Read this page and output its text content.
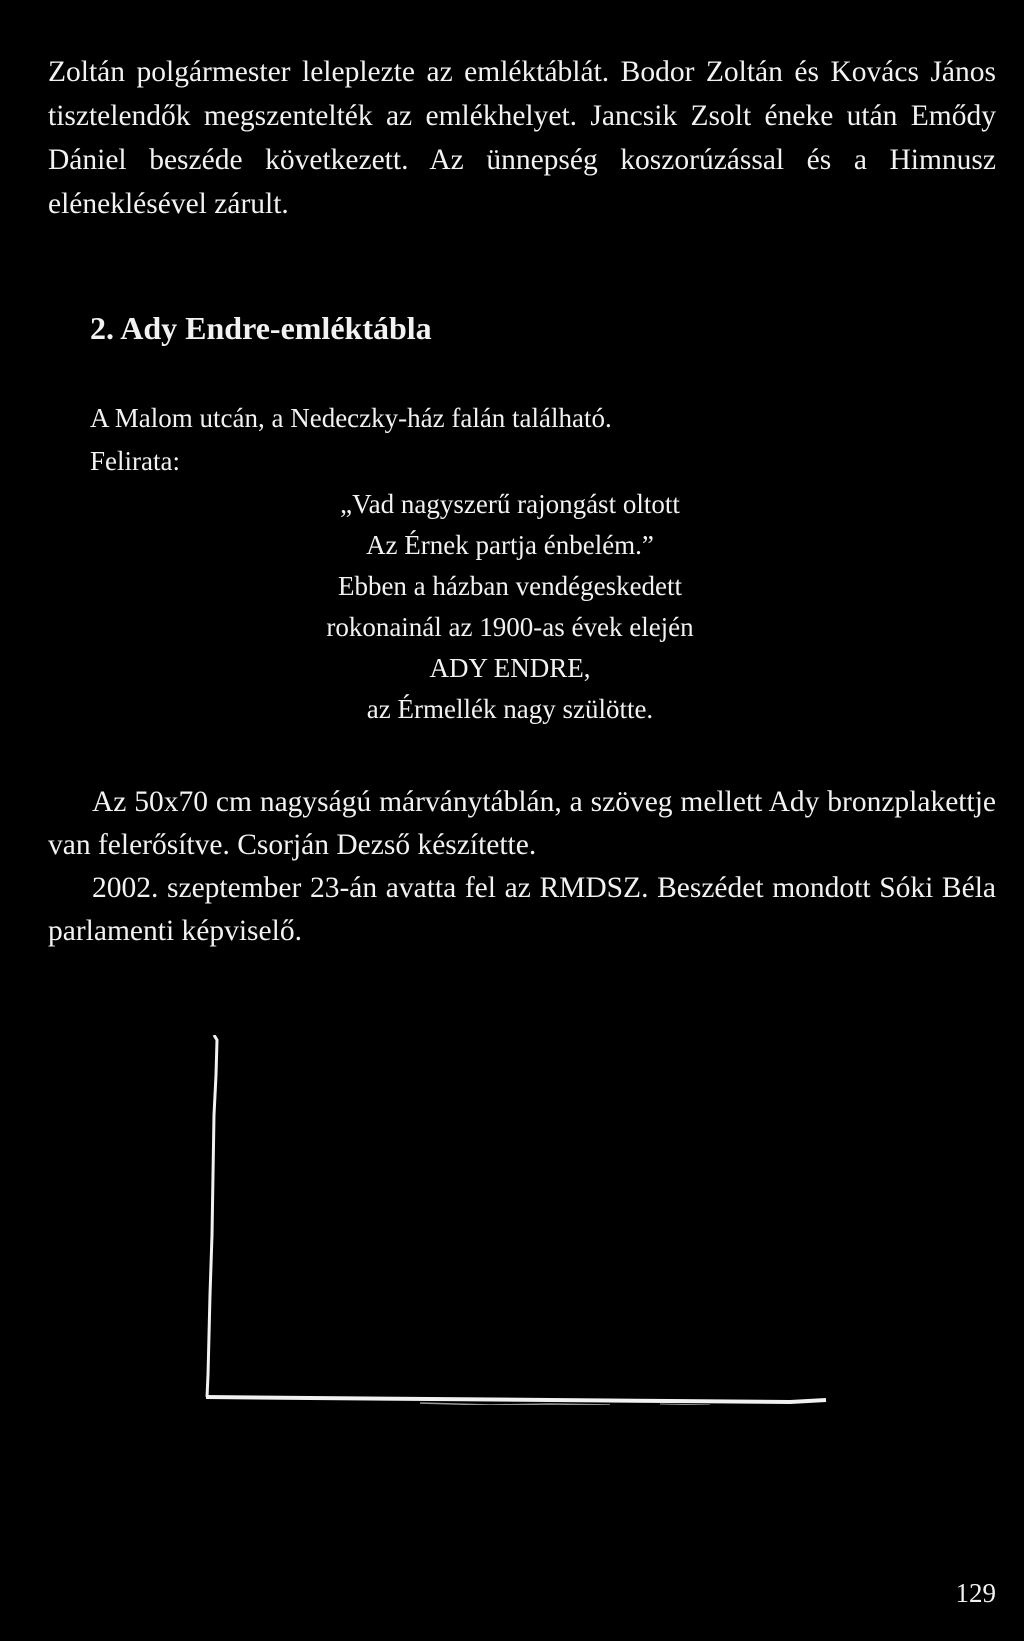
Zoltán polgármester leleplezte az emléktáblát. Bodor Zoltán és Kovács János tisztelendők megszentelték az emlékhelyet. Jancsik Zsolt éneke után Emődy Dániel beszéde következett. Az ünnepség koszorúzással és a Himnusz eléneklésével zárult.

2. Ady Endre-emléktábla

A Malom utcán, a Nedeczky-ház falán található.

Felirata:

„Vad nagyszerű rajongást oltott
Az Érnek partja énbelém.”
Ebben a házban vendégeskedett
rokonainál az 1900-as évek elején
ADY ENDRE,
az Érmellék nagy szülötte.
Az 50x70 cm nagyságú márványtáblán, a szöveg mellett Ady bronzplakettje van felerősítve. Csorján Dezső készítette.
2002. szeptember 23-án avatta fel az RMDSZ. Beszédet mondott Sóki Béla parlamenti képviselő.

129
